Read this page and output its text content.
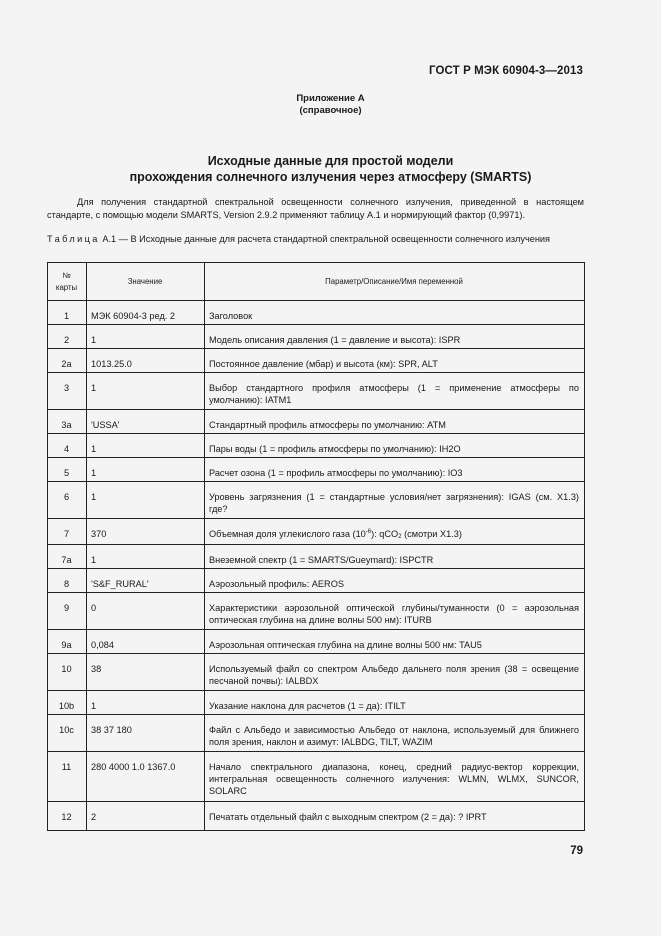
ГОСТ Р МЭК 60904-3—2013
Приложение А
(справочное)
Исходные данные для простой модели
прохождения солнечного излучения через атмосферу (SMARTS)
Для получения стандартной спектральной освещенности солнечного излучения, приведенной в настоящем стандарте, с помощью модели SMARTS, Version 2.9.2 применяют таблицу А.1 и нормирующий фактор (0,9971).
Таблица А.1 — В Исходные данные для расчета стандартной спектральной освещенности солнечного излучения
№ карты	Значение	Параметр/Описание/Имя переменной
1	МЭК 60904-3 ред. 2	Заголовок
2	1	Модель описания давления (1 = давление и высота): ISPR
2a	1013.25.0	Постоянное давление (мбар) и высота (км): SPR, ALT
3	1	Выбор стандартного профиля атмосферы (1 = применение атмосферы по умолчанию): IATM1
3a	'USSA'	Стандартный профиль атмосферы по умолчанию: ATM
4	1	Пары воды (1 = профиль атмосферы по умолчанию): IH2O
5	1	Расчет озона (1 = профиль атмосферы по умолчанию): IO3
6	1	Уровень загрязнения (1 = стандартные условия/нет загрязнения): IGAS (см. X1.3) где?
7	370	Объемная доля углекислого газа $(10^{-6})$: qCO$_2$ (смотри X1.3)
7a	1	Внеземной спектр (1 = SMARTS/Gueymard): ISPCTR
8	'S&F_RURAL'	Аэрозольный профиль: AEROS
9	0	Характеристики аэрозольной оптической глубины/туманности (0 = аэрозольная оптическая глубина на длине волны 500 нм): ITURB
9a	0,084	Аэрозольная оптическая глубина на длине волны 500 нм: TAU5
10	38	Используемый файл со спектром Альбедо дальнего поля зрения (38 = освещение песчаной почвы): IALBDX
10b	1	Указание наклона для расчетов (1 = да): ITILT
10c	38 37 180	Файл с Альбедо и зависимостью Альбедо от наклона, используемый для ближнего поля зрения, наклон и азимут: IALBDG, TILT, WAZIM
11	280 4000 1.0 1367.0	Начало спектрального диапазона, конец, средний радиус-вектор коррекции, интегральная освещенность солнечного излучения: WLMN, WLMX, SUNCOR, SOLARC
12	2	Печатать отдельный файл с выходным спектром (2 = да): ? IPRT
79
